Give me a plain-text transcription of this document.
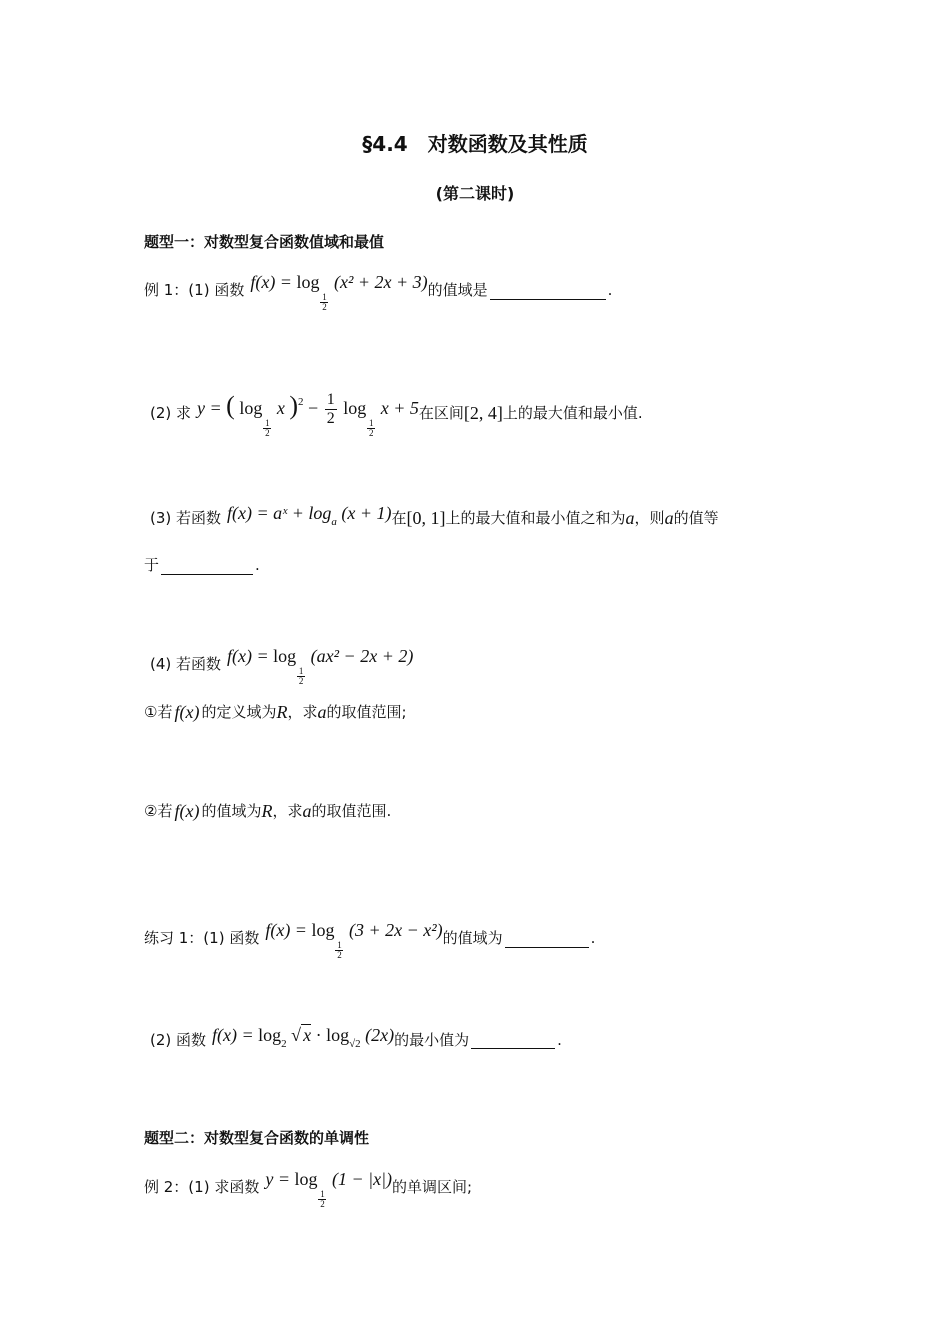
§4.4　对数函数及其性质
(第二课时)
题型一：对数型复合函数值域和最值
例 1：(1) 函数 f(x) = log
$\frac{1}{2}$
(x² + 2x + 3) 的值域是	.
(2) 求 y = ( log
$\frac{1}{2}$
x )$^2 - \frac{1}{2}$ log
$\frac{1}{2}$
x + 5 在区间 [2, 4] 上的最大值和最小值.
(3) 若函数 f(x) = aˣ + $\log_a (x + 1)$ 在 [0, 1] 上的最大值和最小值之和为 a ，则 a 的值等
于	.
(4) 若函数 f(x) = log
$\frac{1}{2}$
(ax² − 2x + 2)
①若 f(x) 的定义域为 R ，求 a 的取值范围;
②若 f(x) 的值域为 R ，求 a 的取值范围.
练习 1：(1) 函数 f(x) = log
$\frac{1}{2}$
(3 + 2x − x²) 的值域为	.
(2) 函数 $f(x) = \log_2$ √ $x \cdot \log_{√2} (2x)$ 的最小值为	.
题型二：对数型复合函数的单调性
例 2：(1) 求函数 y = log
$\frac{1}{2}$
(1 − |x|) 的单调区间;
